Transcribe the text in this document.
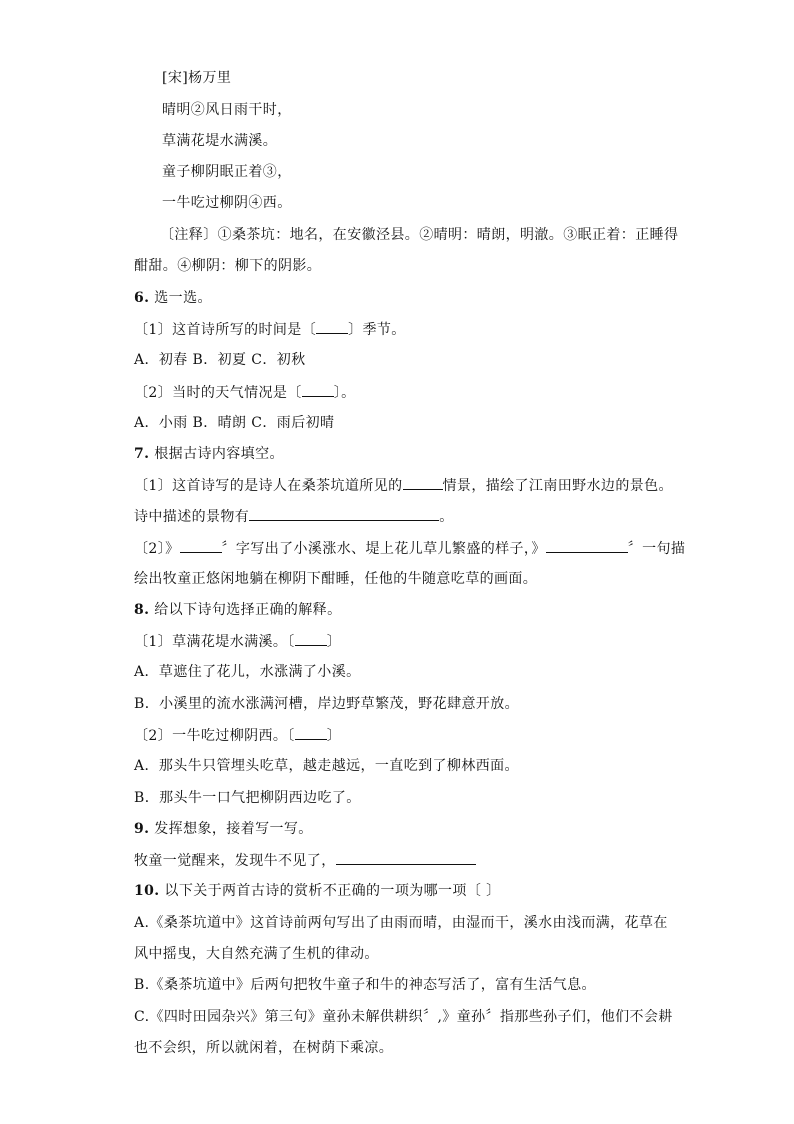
[宋]杨万里
晴明②风日雨干时，
草满花堤水满溪。
童子柳阴眠正着③，
一牛吃过柳阴④西。
〔注释〕①桑茶坑：地名，在安徽泾县。②晴明：晴朗，明澈。③眠正着：正睡得
酣甜。④柳阴：柳下的阴影。
6. 选一选。
〔1〕这首诗所写的时间是〔 〕季节。
A．初春 B．初夏 C．初秋
〔2〕当时的天气情况是〔 〕。
A．小雨 B．晴朗 C．雨后初晴
7. 根据古诗内容填空。
〔1〕这首诗写的是诗人在桑茶坑道所见的	情景，描绘了江南田野水边的景色。
诗中描述的景物有	。
〔2〕》	〞字写出了小溪涨水、堤上花儿草儿繁盛的样子，》	〞一句描
绘出牧童正悠闲地躺在柳阴下酣睡，任他的牛随意吃草的画面。
8. 给以下诗句选择正确的解释。
〔1〕草满花堤水满溪。〔 〕
A．草遮住了花儿，水涨满了小溪。
B．小溪里的流水涨满河槽，岸边野草繁茂，野花肆意开放。
〔2〕一牛吃过柳阴西。〔 〕
A．那头牛只管埋头吃草，越走越远，一直吃到了柳林西面。
B．那头牛一口气把柳阴西边吃了。
9. 发挥想象，接着写一写。
牧童一觉醒来，发现牛不见了，
10. 以下关于两首古诗的赏析不正确的一项为哪一项〔 〕
A.《桑茶坑道中》这首诗前两句写出了由雨而晴，由湿而干，溪水由浅而满，花草在
风中摇曳，大自然充满了生机的律动。
B.《桑茶坑道中》后两句把牧牛童子和牛的神态写活了，富有生活气息。
C.《四时田园杂兴》第三句》童孙未解供耕织〞,》童孙〞指那些孙子们，他们不会耕
也不会织，所以就闲着，在树荫下乘凉。
